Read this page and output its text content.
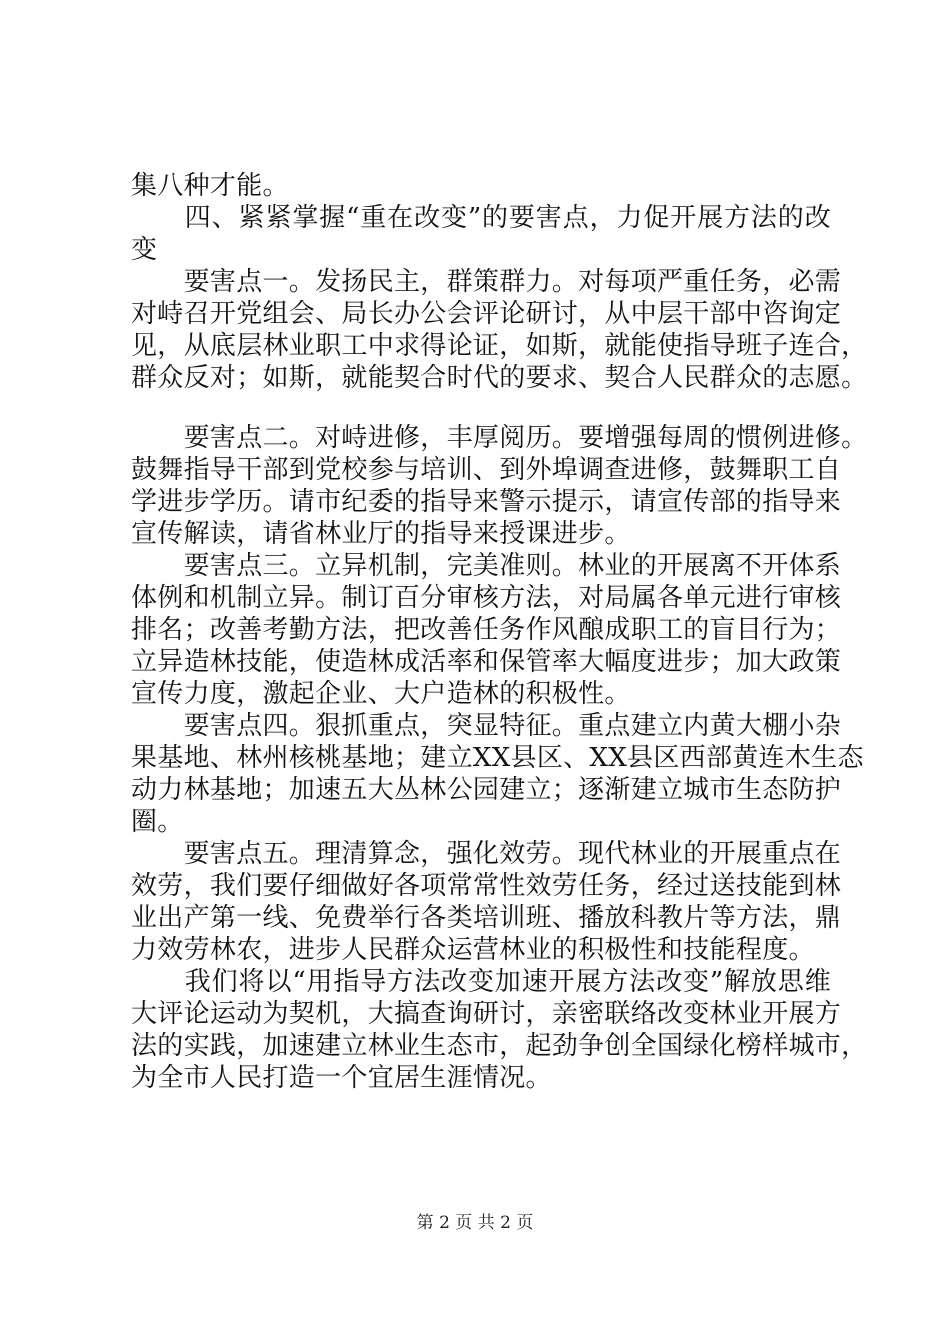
集八种才能。
　　四、紧紧掌握“重在改变”的要害点，力促开展方法的改
变
　　要害点一。发扬民主，群策群力。对每项严重任务，必需
对峙召开党组会、局长办公会评论研讨，从中层干部中咨询定
见，从底层林业职工中求得论证，如斯，就能使指导班子连合，
群众反对；如斯，就能契合时代的要求、契合人民群众的志愿。
　　要害点二。对峙进修，丰厚阅历。要增强每周的惯例进修。
鼓舞指导干部到党校参与培训、到外埠调查进修，鼓舞职工自
学进步学历。请市纪委的指导来警示提示，请宣传部的指导来
宣传解读，请省林业厅的指导来授课进步。
　　要害点三。立异机制，完美准则。林业的开展离不开体系
体例和机制立异。制订百分审核方法，对局属各单元进行审核
排名；改善考勤方法，把改善任务作风酿成职工的盲目行为；
立异造林技能，使造林成活率和保管率大幅度进步；加大政策
宣传力度，激起企业、大户造林的积极性。
　　要害点四。狠抓重点，突显特征。重点建立内黄大棚小杂
果基地、林州核桃基地；建立XX县区、XX县区西部黄连木生态
动力林基地；加速五大丛林公园建立；逐渐建立城市生态防护
圈。
　　要害点五。理清算念，强化效劳。现代林业的开展重点在
效劳，我们要仔细做好各项常常性效劳任务，经过送技能到林
业出产第一线、免费举行各类培训班、播放科教片等方法，鼎
力效劳林农，进步人民群众运营林业的积极性和技能程度。
　　我们将以“用指导方法改变加速开展方法改变”解放思维
大评论运动为契机，大搞查询研讨，亲密联络改变林业开展方
法的实践，加速建立林业生态市，起劲争创全国绿化榜样城市，
为全市人民打造一个宜居生涯情况。
第 2 页 共 2 页
